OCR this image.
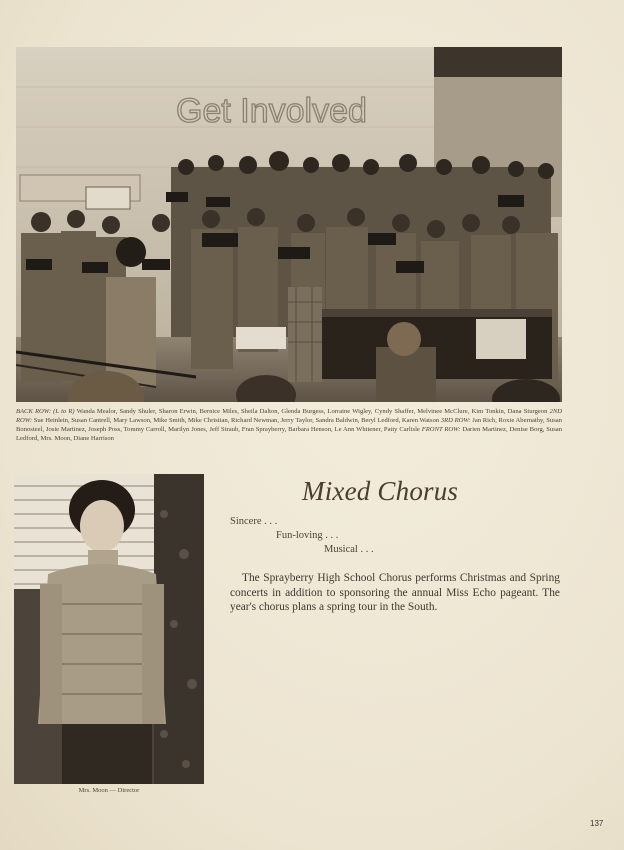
Get Involved
BACK ROW: (L to R) Wanda Mealor, Sandy Shuler, Sharon Erwin, Bernice Miles, Sheila Dalton, Glenda Burgess, Lorraine Wigley, Cyndy Shaffer, Melvinee McClure, Kim Tonkin, Dana Sturgeon 2ND ROW: Sue Heinlein, Susan Cantrell, Mary Lawson, Mike Smith, Mike Christian, Richard Newman, Jerry Taylor, Sandra Baldwin, Beryl Ledford, Karen Watson 3RD ROW: Jan Rich, Roxie Abernathy, Susan Bonosteel, Josie Martinez, Joseph Poss, Tommy Carroll, Marilyn Jones, Jeff Straub, Fran Sprayberry, Barbara Henson, Le Ann Whitener, Patty Carlisle FRONT ROW: Darien Martinez, Denise Borg, Susan Ledford, Mrs. Moon, Diane Harrison
Mixed Chorus
Sincere . . .
Fun-loving . . .
Musical . . .
The Sprayberry High School Chorus performs Christmas and Spring concerts in addition to sponsoring the annual Miss Echo pageant. The year's chorus plans a spring tour in the South.
Mrs. Moon — Director
137
